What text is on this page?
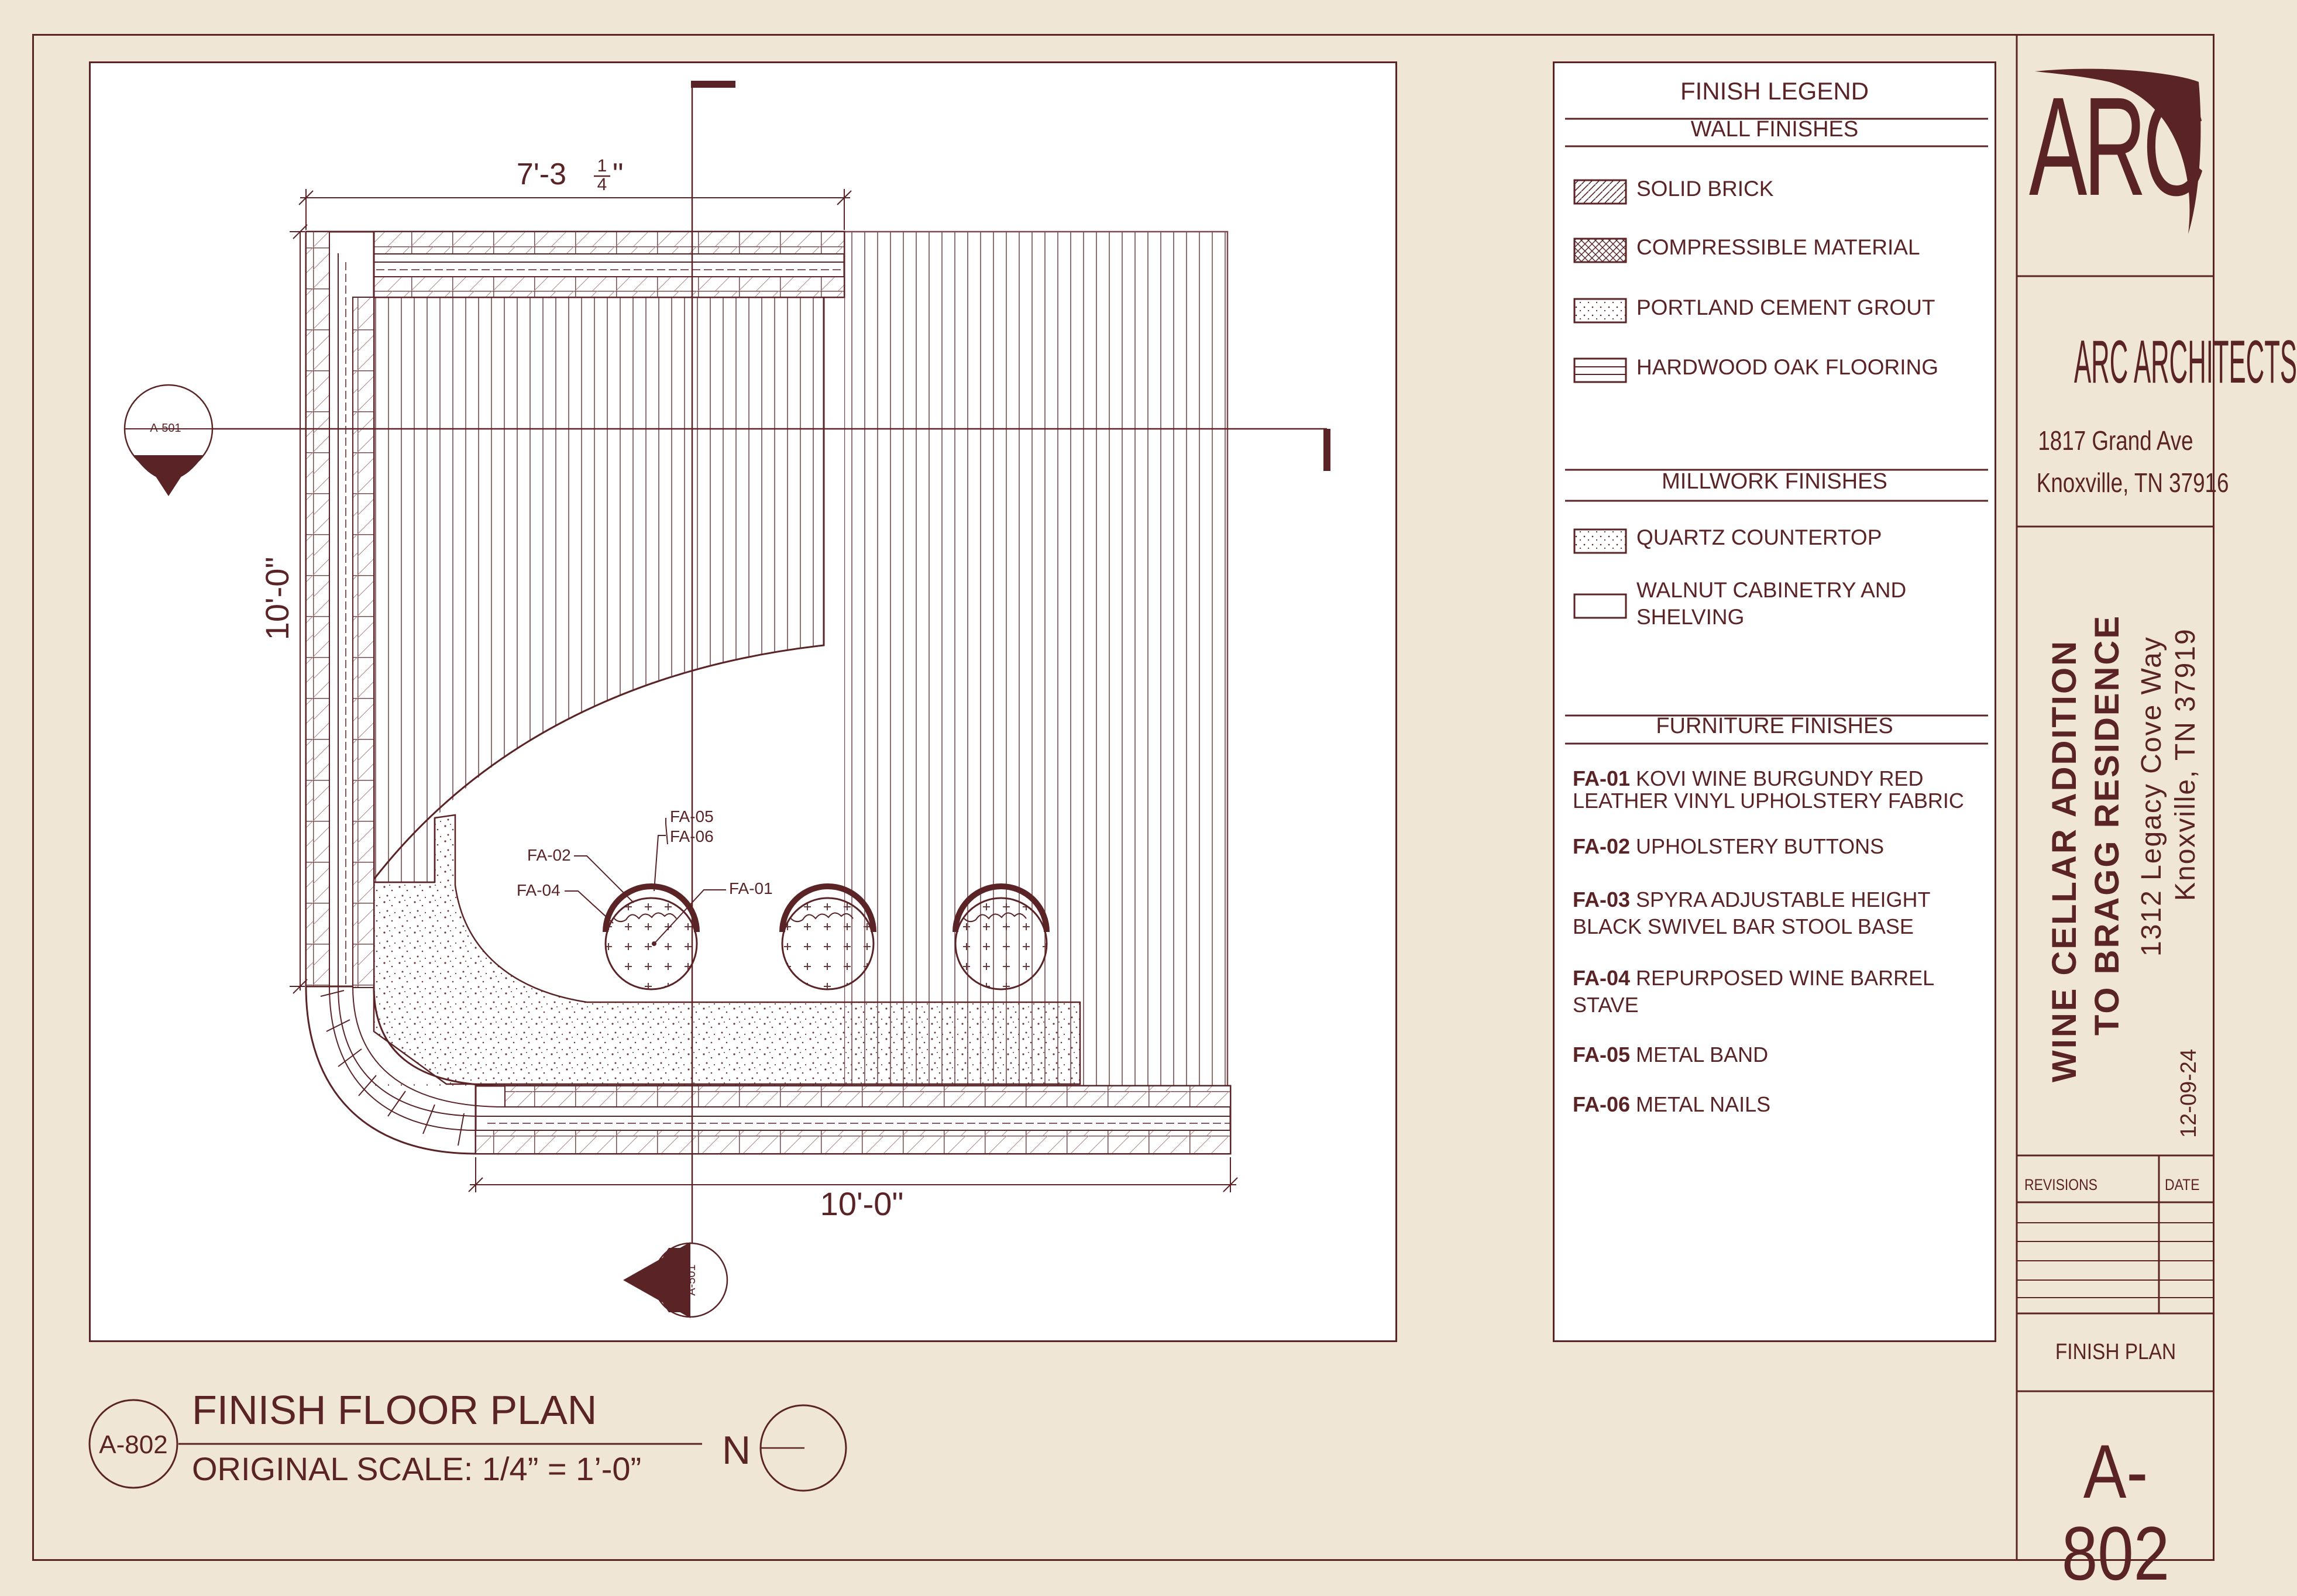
A-501
A-501
7'-3 1
4 "
10'-0"
10'-0"
FA-05
FA-06
FA-02
FA-04	FA-01
FINISH LEGEND
WALL FINISHES
SOLID BRICK
COMPRESSIBLE MATERIAL
PORTLAND CEMENT GROUT
HARDWOOD OAK FLOORING
MILLWORK FINISHES
QUARTZ COUNTERTOP
WALNUT CABINETRY AND
SHELVING
FURNITURE FINISHES
FA-01 KOVI WINE BURGUNDY RED
LEATHER VINYL UPHOLSTERY FABRIC
FA-02 UPHOLSTERY BUTTONS
FA-03 SPYRA ADJUSTABLE HEIGHT
BLACK SWIVEL BAR STOOL BASE
FA-04 REPURPOSED WINE BARREL
STAVE
FA-05 METAL BAND
FA-06 METAL NAILS
ARC
ARC ARCHITECTS
1817 Grand Ave
Knoxville, TN 37916
WINE CELLAR ADDITION TO BRAGG RESIDENCE 1312 Legacy Cove Way Knoxville, TN 37919
12-09-24
REVISIONS	DATE
FINISH PLAN
A-802
A-802
FINISH FLOOR PLAN
ORIGINAL SCALE: 1/4” = 1’-0” N
